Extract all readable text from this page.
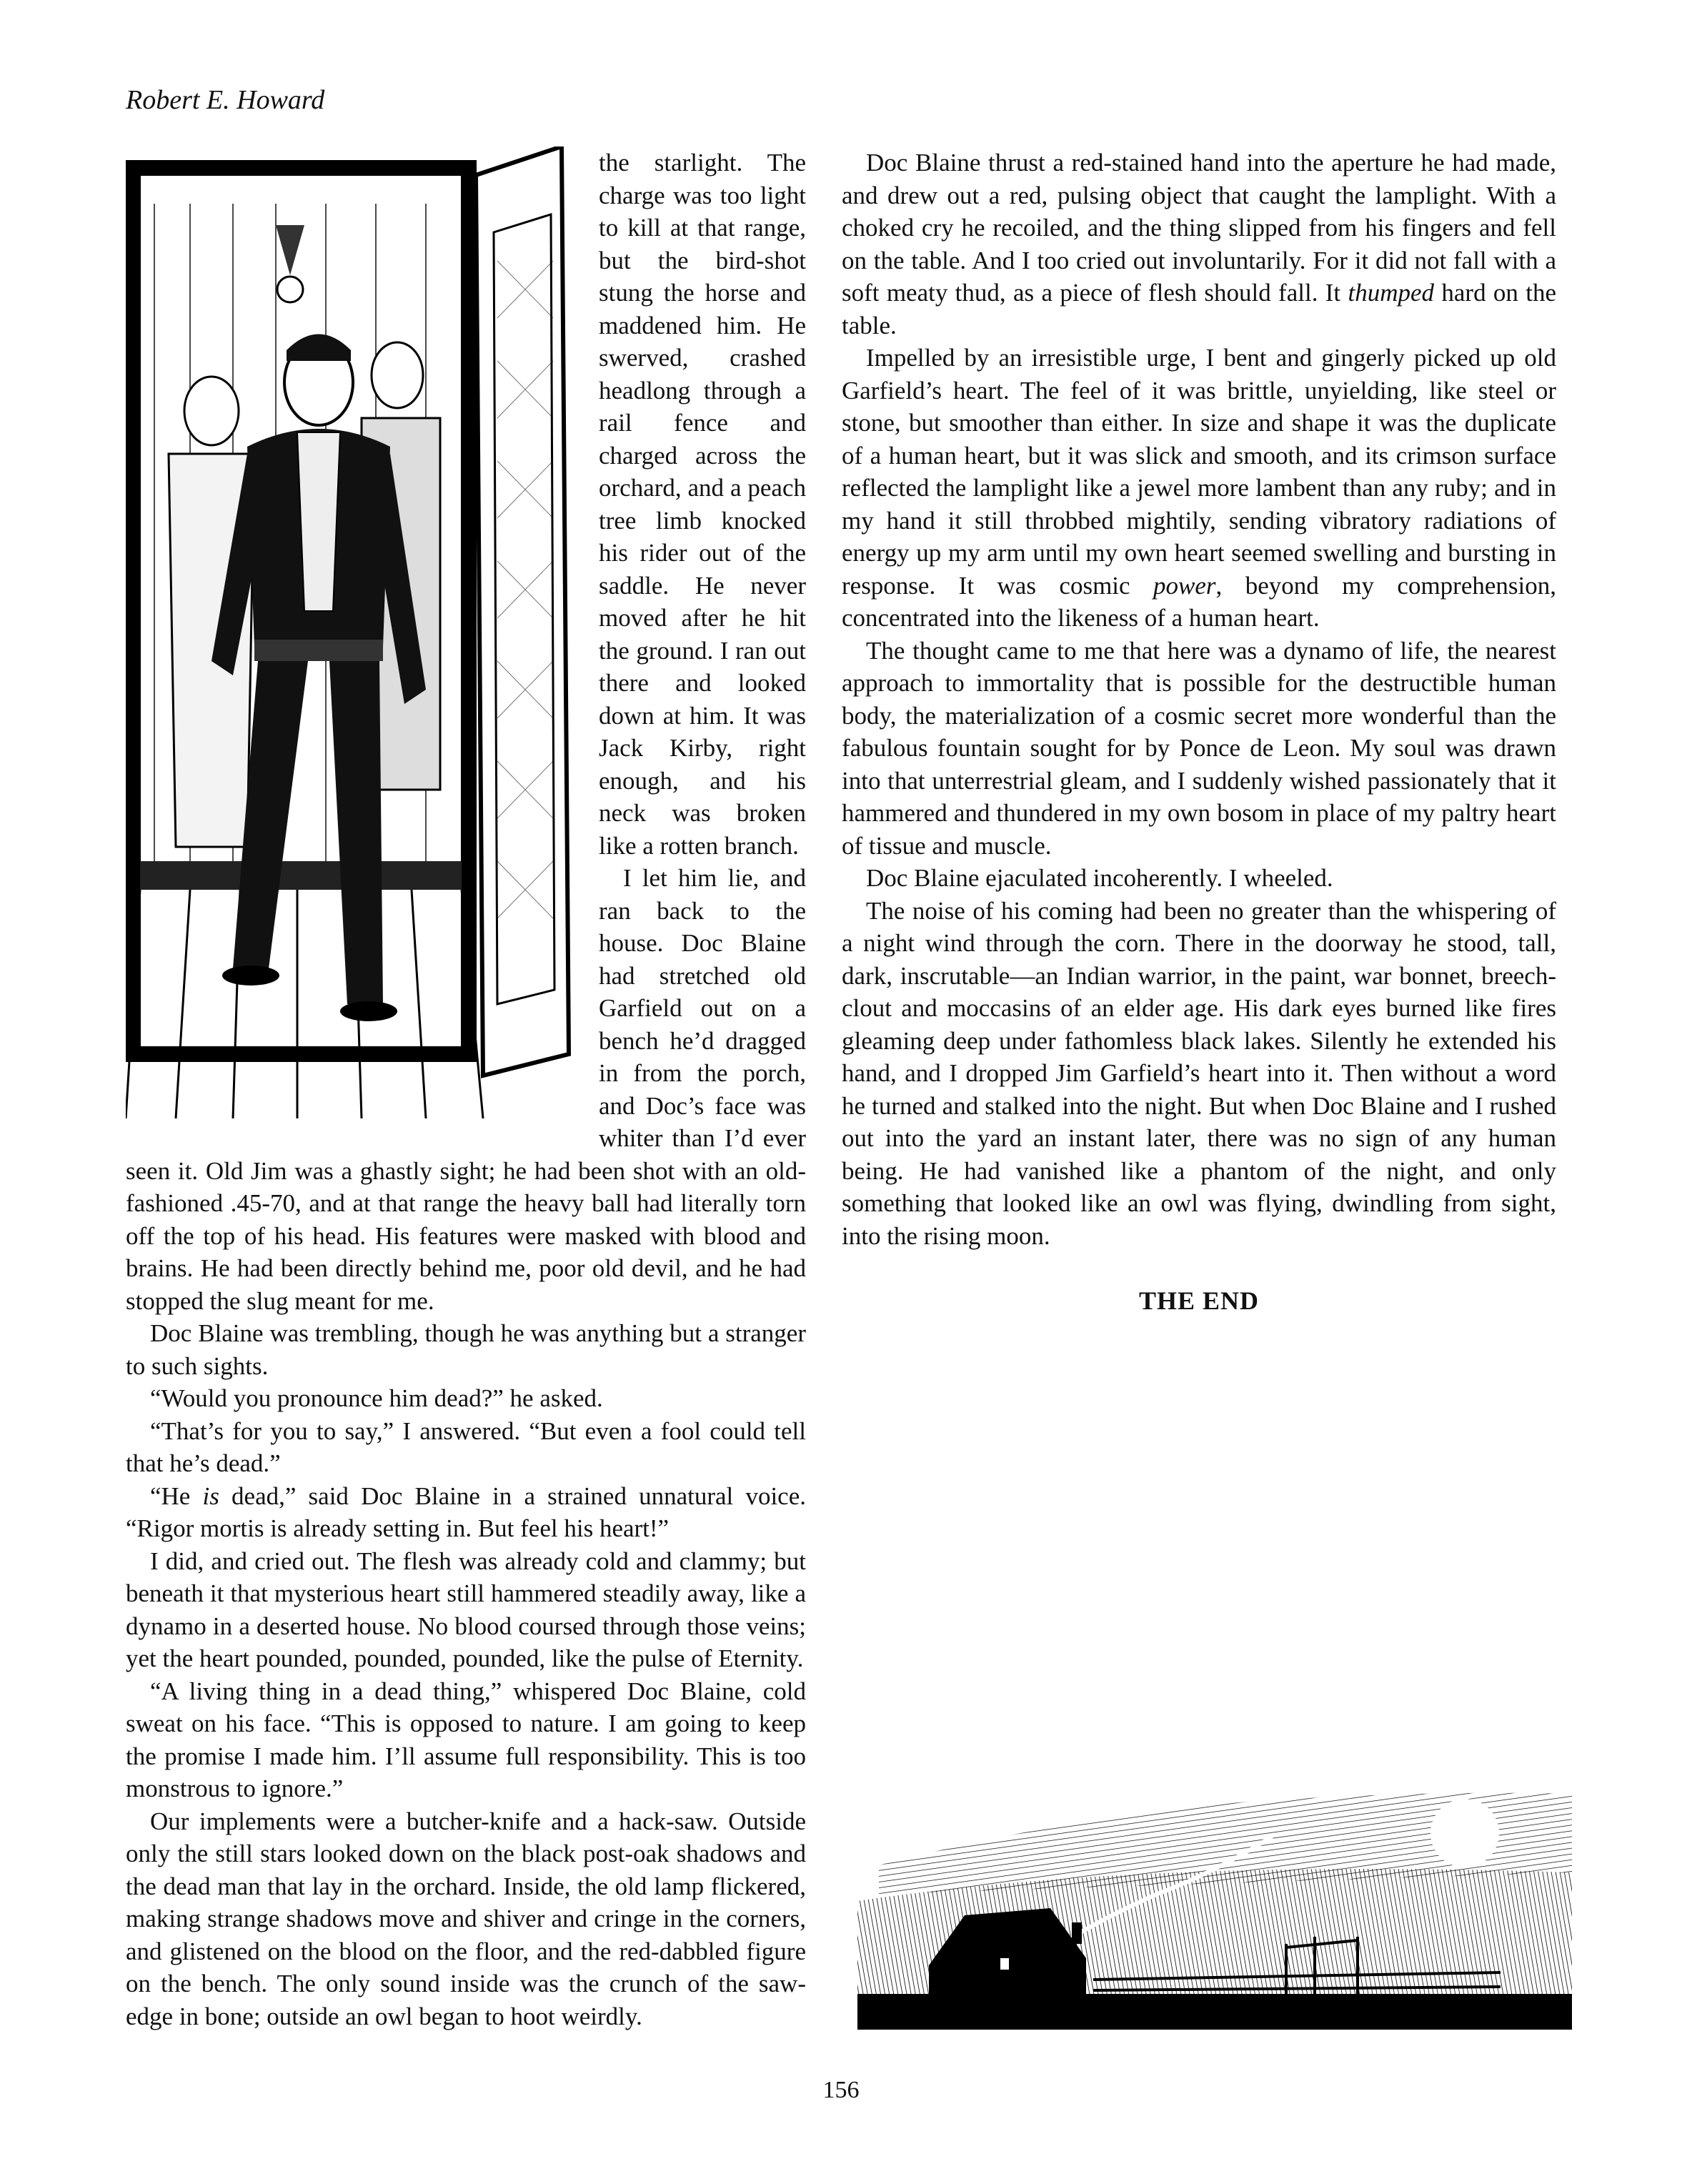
Robert E. Howard

the starlight. The charge was too light to kill at that range, but the bird-shot stung the horse and maddened him. He swerved, crashed headlong through a rail fence and charged across the orchard, and a peach tree limb knocked his rider out of the saddle. He never moved after he hit the ground. I ran out there and looked down at him. It was Jack Kirby, right enough, and his neck was broken like a rotten branch.

I let him lie, and ran back to the house. Doc Blaine had stretched old Garfield out on a bench he’d dragged in from the porch, and Doc’s face was whiter than I’d ever seen it. Old Jim was a ghastly sight; he had been shot with an old-fashioned .45-70, and at that range the heavy ball had literally torn off the top of his head. His features were masked with blood and brains. He had been directly behind me, poor old devil, and he had stopped the slug meant for me.

Doc Blaine was trembling, though he was anything but a stranger to such sights.

“Would you pronounce him dead?” he asked.

“That’s for you to say,” I answered. “But even a fool could tell that he’s dead.”

“He is dead,” said Doc Blaine in a strained unnatural voice. “Rigor mortis is already setting in. But feel his heart!”

I did, and cried out. The flesh was already cold and clammy; but beneath it that mysterious heart still hammered steadily away, like a dynamo in a deserted house. No blood coursed through those veins; yet the heart pounded, pounded, pounded, like the pulse of Eternity.

“A living thing in a dead thing,” whispered Doc Blaine, cold sweat on his face. “This is opposed to nature. I am going to keep the promise I made him. I’ll assume full responsibility. This is too monstrous to ignore.”

Our implements were a butcher-knife and a hack-saw. Outside only the still stars looked down on the black post-oak shadows and the dead man that lay in the orchard. Inside, the old lamp flickered, making strange shadows move and shiver and cringe in the corners, and glistened on the blood on the floor, and the red-dabbled figure on the bench. The only sound inside was the crunch of the saw-edge in bone; outside an owl began to hoot weirdly.

Doc Blaine thrust a red-stained hand into the aperture he had made, and drew out a red, pulsing object that caught the lamplight. With a choked cry he recoiled, and the thing slipped from his fingers and fell on the table. And I too cried out involuntarily. For it did not fall with a soft meaty thud, as a piece of flesh should fall. It thumped hard on the table.

Impelled by an irresistible urge, I bent and gingerly picked up old Garfield’s heart. The feel of it was brittle, unyielding, like steel or stone, but smoother than either. In size and shape it was the duplicate of a human heart, but it was slick and smooth, and its crimson surface reflected the lamplight like a jewel more lambent than any ruby; and in my hand it still throbbed mightily, sending vibratory radiations of energy up my arm until my own heart seemed swelling and bursting in response. It was cosmic power, beyond my comprehension, concentrated into the likeness of a human heart.

The thought came to me that here was a dynamo of life, the nearest approach to immortality that is possible for the destructible human body, the materialization of a cosmic secret more wonderful than the fabulous fountain sought for by Ponce de Leon. My soul was drawn into that unterrestrial gleam, and I suddenly wished passionately that it hammered and thundered in my own bosom in place of my paltry heart of tissue and muscle.

Doc Blaine ejaculated incoherently. I wheeled.

The noise of his coming had been no greater than the whispering of a night wind through the corn. There in the doorway he stood, tall, dark, inscrutable—an Indian warrior, in the paint, war bonnet, breech-clout and moccasins of an elder age. His dark eyes burned like fires gleaming deep under fathomless black lakes. Silently he extended his hand, and I dropped Jim Garfield’s heart into it. Then without a word he turned and stalked into the night. But when Doc Blaine and I rushed out into the yard an instant later, there was no sign of any human being. He had vanished like a phantom of the night, and only something that looked like an owl was flying, dwindling from sight, into the rising moon.

THE END
156
